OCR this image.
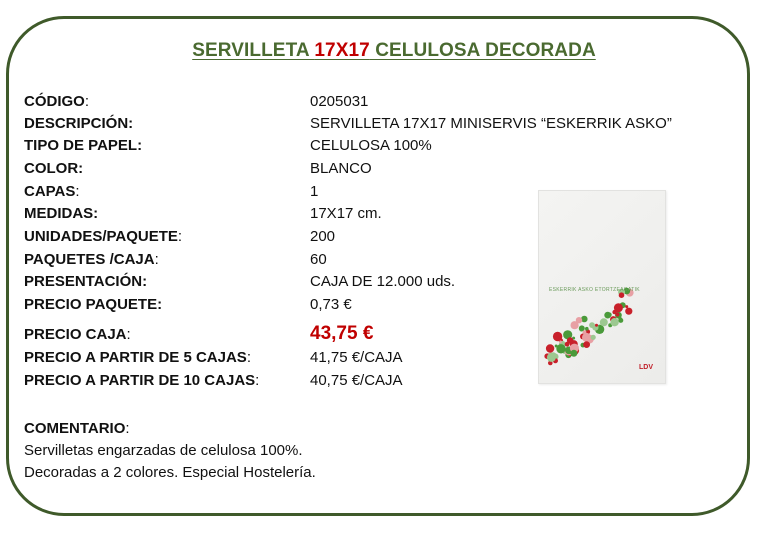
SERVILLETA 17X17 CELULOSA DECORADA
CÓDIGO:	0205031
DESCRIPCIÓN:	SERVILLETA 17X17 MINISERVIS “ESKERRIK ASKO”
TIPO DE PAPEL:	CELULOSA 100%
COLOR:	BLANCO
CAPAS:	1
MEDIDAS:	17X17 cm.
UNIDADES/PAQUETE:	200
PAQUETES /CAJA:	60
PRESENTACIÓN:	CAJA DE 12.000 uds.
PRECIO PAQUETE:	0,73 €
PRECIO CAJA:	43,75 €
PRECIO A PARTIR DE 5 CAJAS:	41,75 €/CAJA
PRECIO A PARTIR DE 10 CAJAS:	40,75 €/CAJA
COMENTARIO:
Servilletas engarzadas de celulosa 100%.
Decoradas a 2 colores. Especial Hostelería.
ESKERRIK ASKO ETORTZEAGATIK
LDV
